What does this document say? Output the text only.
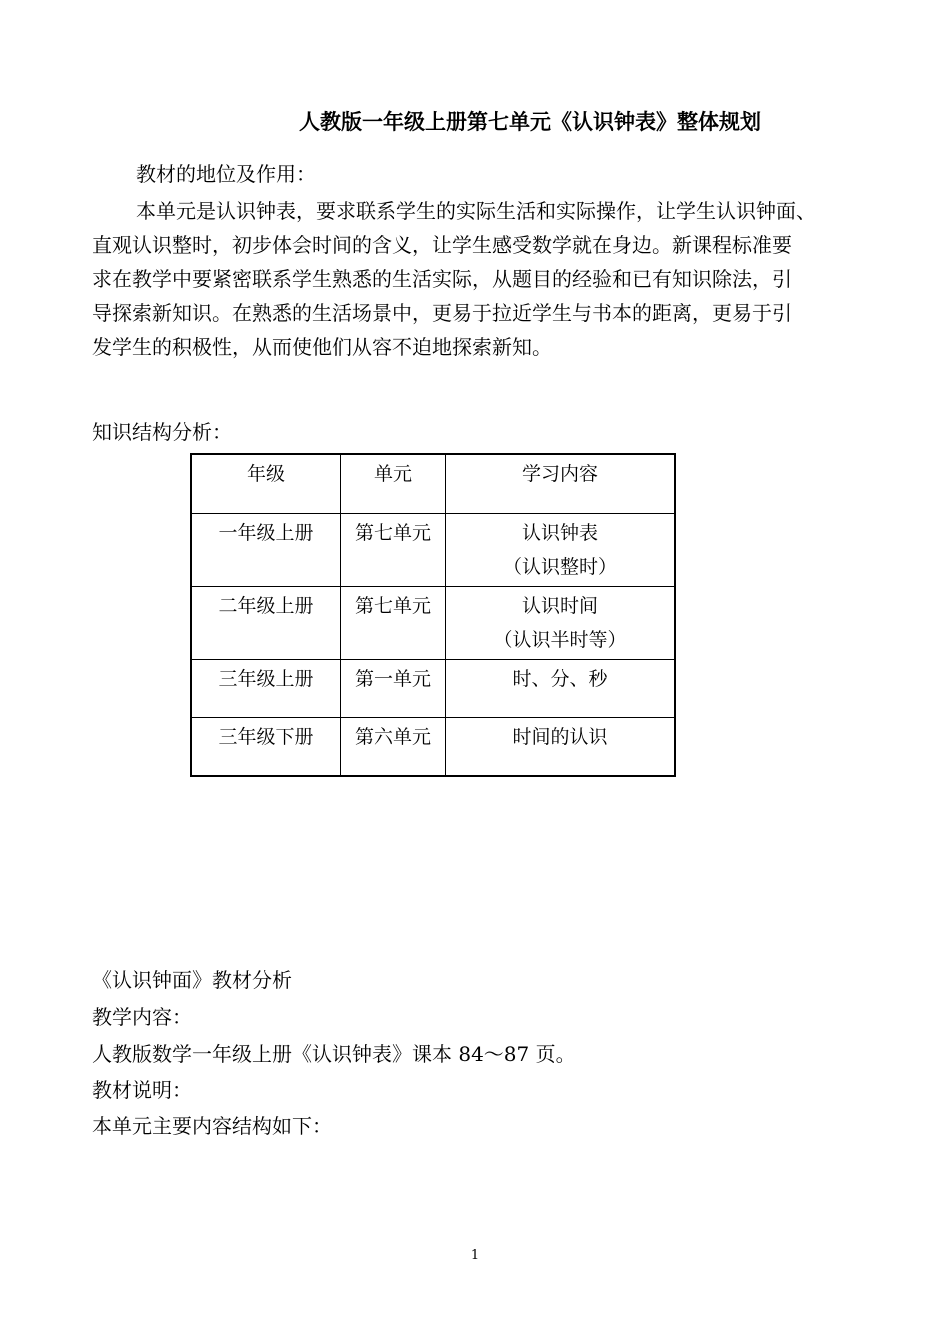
人教版一年级上册第七单元《认识钟表》整体规划
教材的地位及作用：
本单元是认识钟表，要求联系学生的实际生活和实际操作，让学生认识钟面、
直观认识整时，初步体会时间的含义，让学生感受数学就在身边。新课程标准要
求在教学中要紧密联系学生熟悉的生活实际，从题目的经验和已有知识除法，引
导探索新知识。在熟悉的生活场景中，更易于拉近学生与书本的距离，更易于引
发学生的积极性，从而使他们从容不迫地探索新知。
知识结构分析：
年级	单元	学习内容
一年级上册	第七单元	认识钟表
（认识整时）

二年级上册	第七单元	认识时间
（认识半时等）

三年级上册	第一单元	时、分、秒
三年级下册	第六单元	时间的认识
《认识钟面》教材分析
教学内容：
人教版数学一年级上册《认识钟表》课本 84～87 页。
教材说明：
本单元主要内容结构如下：
1
